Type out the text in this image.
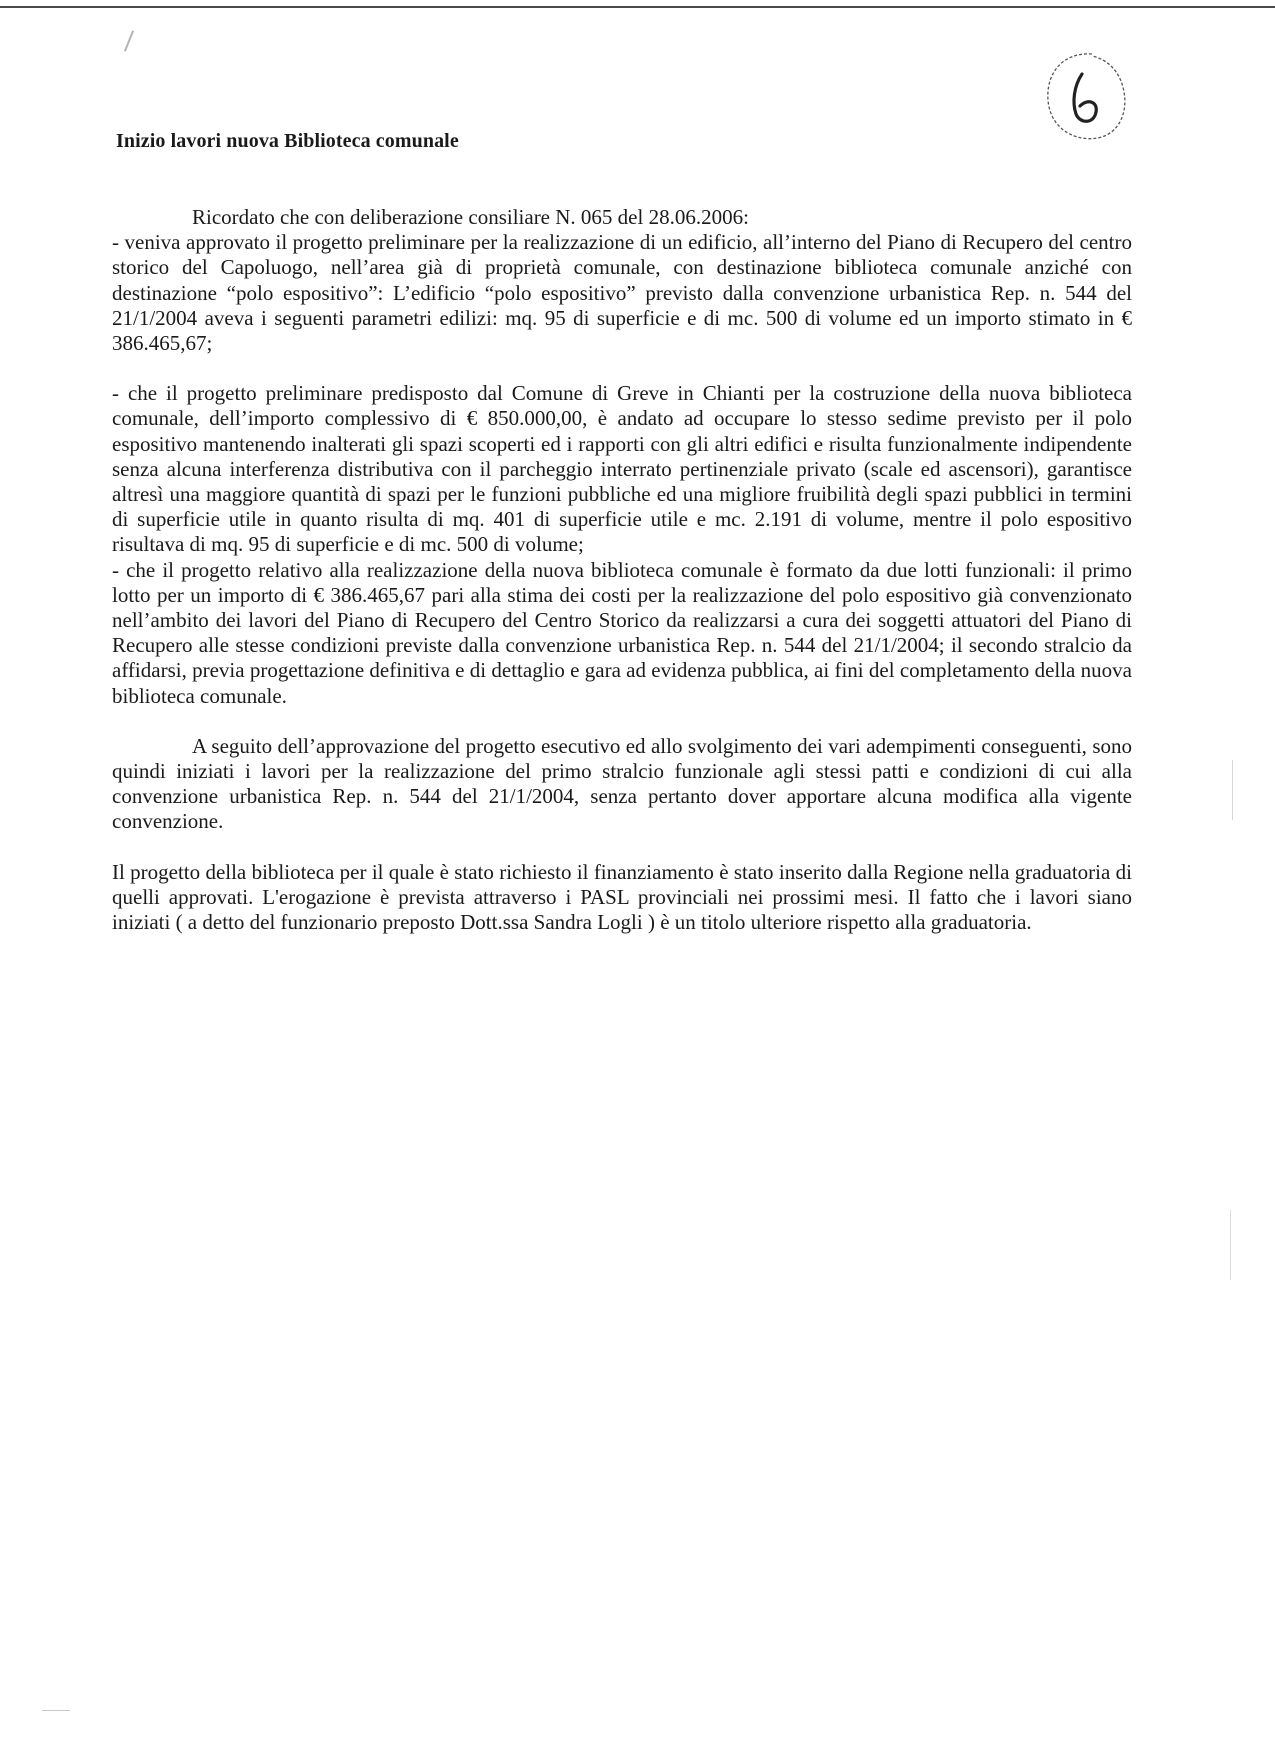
6
Inizio lavori nuova Biblioteca comunale

Ricordato che con deliberazione consiliare N. 065 del 28.06.2006:

- veniva approvato il progetto preliminare per la realizzazione di un edificio, all’interno del Piano di Recupero del centro storico del Capoluogo, nell’area già di proprietà comunale, con destinazione biblioteca comunale anziché con destinazione “polo espositivo”: L’edificio “polo espositivo” previsto dalla convenzione urbanistica Rep. n. 544 del 21/1/2004 aveva i seguenti parametri edilizi: mq. 95 di superficie e di mc. 500 di volume ed un importo stimato in € 386.465,67;

- che il progetto preliminare predisposto dal Comune di Greve in Chianti per la costruzione della nuova biblioteca comunale, dell’importo complessivo di € 850.000,00, è andato ad occupare lo stesso sedime previsto per il polo espositivo mantenendo inalterati gli spazi scoperti ed i rapporti con gli altri edifici e risulta funzionalmente indipendente senza alcuna interferenza distributiva con il parcheggio interrato pertinenziale privato (scale ed ascensori), garantisce altresì una maggiore quantità di spazi per le funzioni pubbliche ed una migliore fruibilità degli spazi pubblici in termini di superficie utile in quanto risulta di mq. 401 di superficie utile e mc. 2.191 di volume, mentre il polo espositivo risultava di mq. 95 di superficie e di mc. 500 di volume;

- che il progetto relativo alla realizzazione della nuova biblioteca comunale è formato da due lotti funzionali: il primo lotto per un importo di € 386.465,67 pari alla stima dei costi per la realizzazione del polo espositivo già convenzionato nell’ambito dei lavori del Piano di Recupero del Centro Storico da realizzarsi a cura dei soggetti attuatori del Piano di Recupero alle stesse condizioni previste dalla convenzione urbanistica Rep. n. 544 del 21/1/2004; il secondo stralcio da affidarsi, previa progettazione definitiva e di dettaglio e gara ad evidenza pubblica, ai fini del completamento della nuova biblioteca comunale.

A seguito dell’approvazione del progetto esecutivo ed allo svolgimento dei vari adempimenti conseguenti, sono quindi iniziati i lavori per la realizzazione del primo stralcio funzionale agli stessi patti e condizioni di cui alla convenzione urbanistica Rep. n. 544 del 21/1/2004, senza pertanto dover apportare alcuna modifica alla vigente convenzione.

Il progetto della biblioteca per il quale è stato richiesto il finanziamento è stato inserito dalla Regione nella graduatoria di quelli approvati. L'erogazione è prevista attraverso i PASL provinciali nei prossimi mesi. Il fatto che i lavori siano iniziati ( a detto del funzionario preposto Dott.ssa Sandra Logli ) è un titolo ulteriore rispetto alla graduatoria.
